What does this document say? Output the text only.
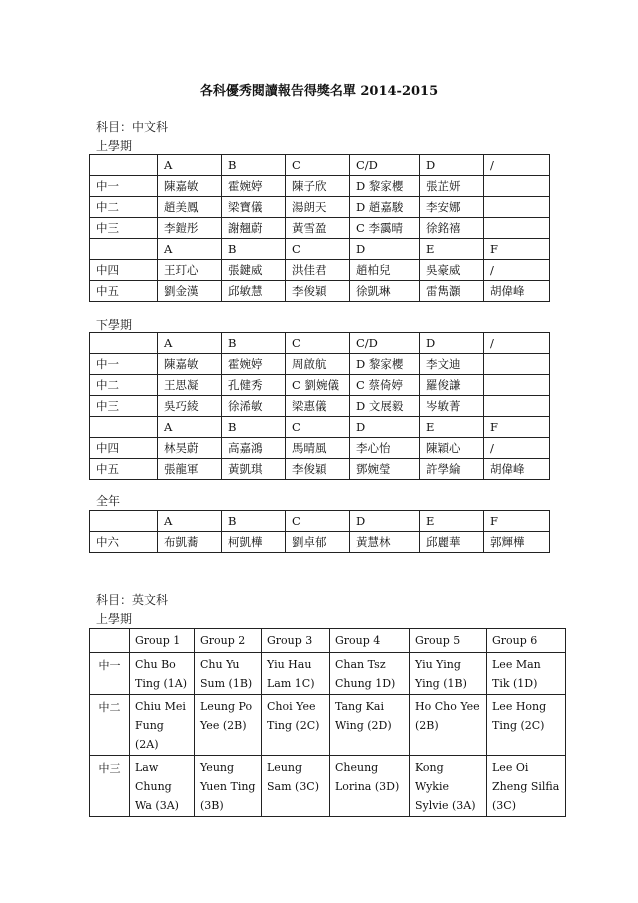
各科優秀閱讀報告得獎名單 2014-2015
科目：中文科
上學期
	A	B	C	C/D	D	/
中一	陳嘉敏	霍婉婷	陳子欣	D 黎家櫻	張芷妍	
中二	趙美鳳	梁寶儀	湯朗天	D 趙嘉駿	李安娜	
中三	李鎧彤	謝翹蔚	黃雪盈	C 李靄晴	徐銘禧	
	A	B	C	D	E	F
中四	王玎心	張鍵威	洪佳君	趙柏兒	吳豪威	/
中五	劉金漢	邱敏慧	李俊穎	徐凱琳	雷雋灝	胡偉峰
下學期
	A	B	C	C/D	D	/
中一	陳嘉敏	霍婉婷	周啟航	D 黎家櫻	李文迪	
中二	王思凝	孔健秀	C 劉婉儀	C 蔡倚婷	羅俊謙	
中三	吳巧綾	徐浠敏	梁惠儀	D 文展毅	岑敏菁	
	A	B	C	D	E	F
中四	林昊蔚	高嘉鴻	馬晴風	李心怡	陳穎心	/
中五	張龍軍	黃凱琪	李俊穎	鄧婉瑩	許學綸	胡偉峰
全年
	A	B	C	D	E	F
中六	布凱蕎	柯凱樺	劉卓郁	黃慧林	邱麗華	郭輝樺
科目：英文科
上學期
	Group 1	Group 2	Group 3	Group 4	Group 5	Group 6
中一	Chu Bo Ting (1A)	Chu Yu Sum (1B)	Yiu Hau Lam 1C)	Chan Tsz Chung 1D)	Yiu Ying Ying (1B)	Lee Man Tik (1D)
中二	Chiu Mei Fung (2A)	Leung Po Yee (2B)	Choi Yee Ting (2C)	Tang Kai Wing (2D)	Ho Cho Yee (2B)	Lee Hong Ting (2C)
中三	Law Chung Wa (3A)	Yeung Yuen Ting (3B)	Leung Sam (3C)	Cheung Lorina (3D)	Kong Wykie Sylvie (3A)	Lee Oi Zheng Silfia (3C)
